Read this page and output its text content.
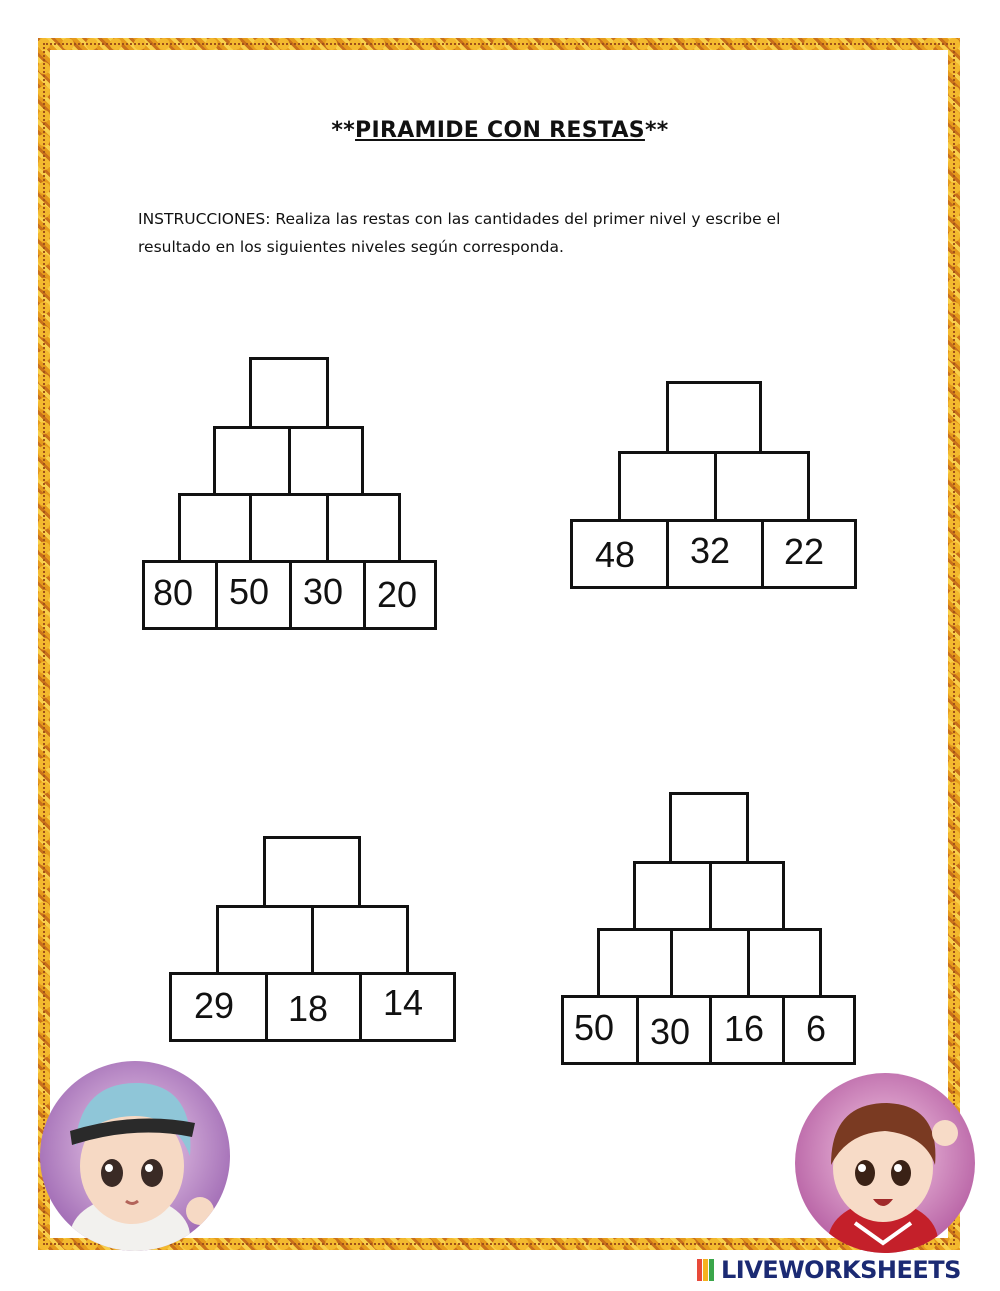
**PIRAMIDE CON RESTAS**
INSTRUCCIONES: Realiza las restas con las cantidades del primer nivel y escribe el
resultado en los siguientes niveles según corresponda.
80 50 30 20
48 32 22
29 18 14
50 30 16 6
LIVEWORKSHEETS
